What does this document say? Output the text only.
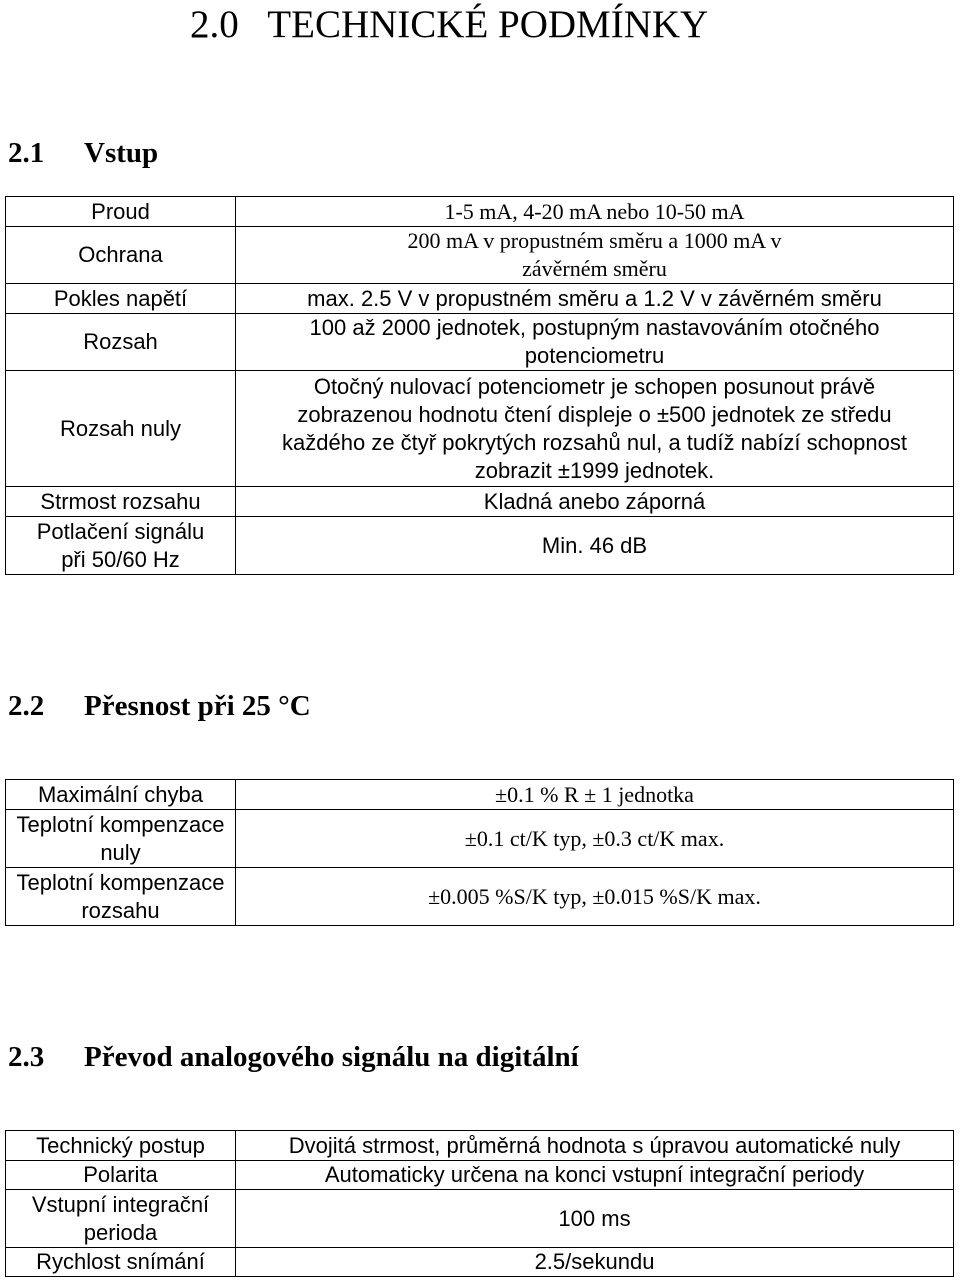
2.0   TECHNICKÉ PODMÍNKY
2.1 Vstup
Proud	1-5 mA, 4-20 mA nebo 10-50 mA
Ochrana	200 mA v propustném směru a 1000 mA v závěrném směru
Pokles napětí	max. 2.5 V v propustném směru a 1.2 V v závěrném směru
Rozsah	100 až 2000 jednotek, postupným nastavováním otočného potenciometru
Rozsah nuly	Otočný nulovací potenciometr je schopen posunout právě zobrazenou hodnotu čtení displeje o ±500 jednotek ze středu každého ze čtyř pokrytých rozsahů nul, a tudíž nabízí schopnost zobrazit ±1999 jednotek.
Strmost rozsahu	Kladná anebo záporná
Potlačení signálu při 50/60 Hz	Min. 46 dB
2.2 Přesnost při 25 °C
Maximální chyba	±0.1 % R ± 1 jednotka
Teplotní kompenzace nuly	±0.1 ct/K typ, ±0.3 ct/K max.
Teplotní kompenzace rozsahu	±0.005 %S/K typ, ±0.015 %S/K max.
2.3 Převod analogového signálu na digitální
Technický postup	Dvojitá strmost, průměrná hodnota s úpravou automatické nuly
Polarita	Automaticky určena na konci vstupní integrační periody
Vstupní integrační perioda	100 ms
Rychlost snímání	2.5/sekundu
